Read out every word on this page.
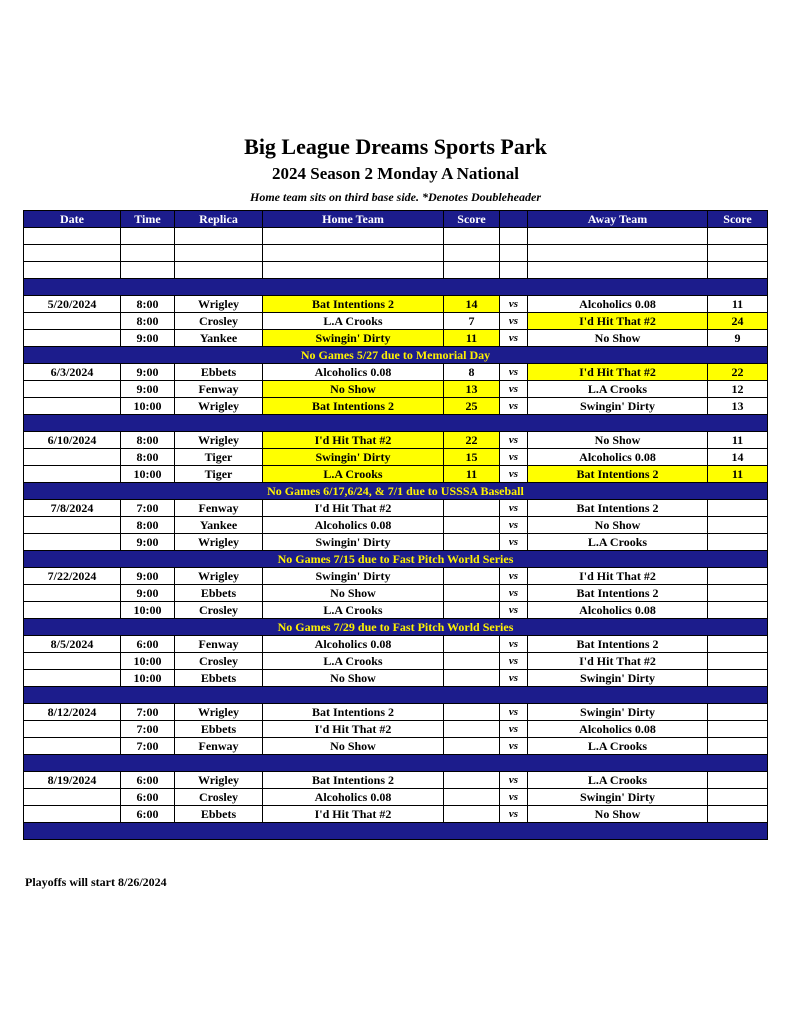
Big League Dreams Sports Park
2024 Season 2 Monday A National
Home team sits on third base side. *Denotes Doubleheader
Date	Time	Replica	Home Team	Score		Away Team	Score

5/20/2024	8:00	Wrigley	Bat Intentions 2	14	vs	Alcoholics 0.08	11
	8:00	Crosley	L.A Crooks	7	vs	I'd Hit That #2	24
	9:00	Yankee	Swingin' Dirty	11	vs	No Show	9
No Games 5/27 due to Memorial Day							
6/3/2024	9:00	Ebbets	Alcoholics 0.08	8	vs	I'd Hit That #2	22
	9:00	Fenway	No Show	13	vs	L.A Crooks	12
	10:00	Wrigley	Bat Intentions 2	25	vs	Swingin' Dirty	13

6/10/2024	8:00	Wrigley	I'd Hit That #2	22	vs	No Show	11
	8:00	Tiger	Swingin' Dirty	15	vs	Alcoholics 0.08	14
	10:00	Tiger	L.A Crooks	11	vs	Bat Intentions 2	11
No Games 6/17,6/24, & 7/1 due to USSSA Baseball							
7/8/2024	7:00	Fenway	I'd Hit That #2		vs	Bat Intentions 2	
	8:00	Yankee	Alcoholics 0.08		vs	No Show	
	9:00	Wrigley	Swingin' Dirty		vs	L.A Crooks	
No Games 7/15 due to Fast Pitch World Series							
7/22/2024	9:00	Wrigley	Swingin' Dirty		vs	I'd Hit That #2	
	9:00	Ebbets	No Show		vs	Bat Intentions 2	
	10:00	Crosley	L.A Crooks		vs	Alcoholics 0.08	
No Games 7/29 due to Fast Pitch World Series							
8/5/2024	6:00	Fenway	Alcoholics 0.08		vs	Bat Intentions 2	
	10:00	Crosley	L.A Crooks		vs	I'd Hit That #2	
	10:00	Ebbets	No Show		vs	Swingin' Dirty	

8/12/2024	7:00	Wrigley	Bat Intentions 2		vs	Swingin' Dirty	
	7:00	Ebbets	I'd Hit That #2		vs	Alcoholics 0.08	
	7:00	Fenway	No Show		vs	L.A Crooks	

8/19/2024	6:00	Wrigley	Bat Intentions 2		vs	L.A Crooks	
	6:00	Crosley	Alcoholics 0.08		vs	Swingin' Dirty	
	6:00	Ebbets	I'd Hit That #2		vs	No Show	

Playoffs will start 8/26/2024
